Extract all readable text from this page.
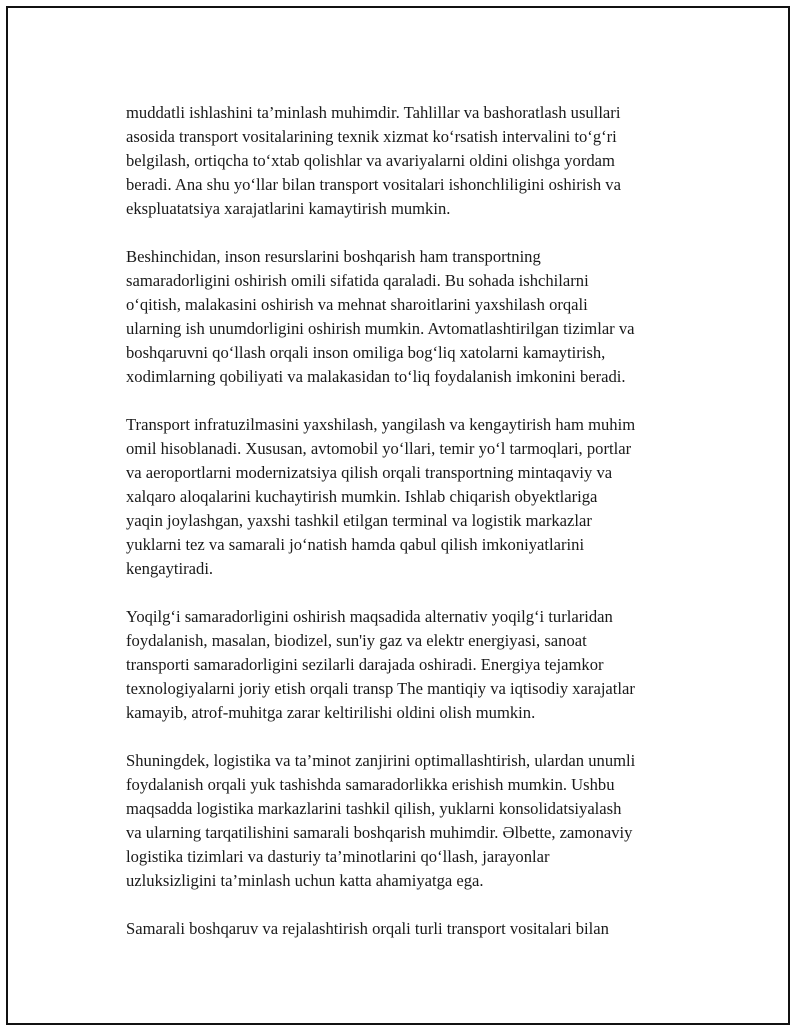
muddatli ishlashini ta’minlash muhimdir. Tahlillar va bashoratlash usullari
asosida transport vositalarining texnik xizmat ko‘rsatish intervalini to‘g‘ri
belgilash, ortiqcha to‘xtab qolishlar va avariyalarni oldini olishga yordam
beradi. Ana shu yo‘llar bilan transport vositalari ishonchliligini oshirish va
ekspluatatsiya xarajatlarini kamaytirish mumkin.

Beshinchidan, inson resurslarini boshqarish ham transportning
samaradorligini oshirish omili sifatida qaraladi. Bu sohada ishchilarni
o‘qitish, malakasini oshirish va mehnat sharoitlarini yaxshilash orqali
ularning ish unumdorligini oshirish mumkin. Avtomatlashtirilgan tizimlar va
boshqaruvni qo‘llash orqali inson omiliga bog‘liq xatolarni kamaytirish,
xodimlarning qobiliyati va malakasidan to‘liq foydalanish imkonini beradi.

Transport infratuzilmasini yaxshilash, yangilash va kengaytirish ham muhim
omil hisoblanadi. Xususan, avtomobil yo‘llari, temir yo‘l tarmoqlari, portlar
va aeroportlarni modernizatsiya qilish orqali transportning mintaqaviy va
xalqaro aloqalarini kuchaytirish mumkin. Ishlab chiqarish obyektlariga
yaqin joylashgan, yaxshi tashkil etilgan terminal va logistik markazlar
yuklarni tez va samarali jo‘natish hamda qabul qilish imkoniyatlarini
kengaytiradi.

Yoqilg‘i samaradorligini oshirish maqsadida alternativ yoqilg‘i turlaridan
foydalanish, masalan, biodizel, sun'iy gaz va elektr energiyasi, sanoat
transporti samaradorligini sezilarli darajada oshiradi. Energiya tejamkor
texnologiyalarni joriy etish orqali transp The mantiqiy va iqtisodiy xarajatlar
kamayib, atrof-muhitga zarar keltirilishi oldini olish mumkin.

Shuningdek, logistika va ta’minot zanjirini optimallashtirish, ulardan unumli
foydalanish orqali yuk tashishda samaradorlikka erishish mumkin. Ushbu
maqsadda logistika markazlarini tashkil qilish, yuklarni konsolidatsiyalash
va ularning tarqatilishini samarali boshqarish muhimdir. Əlbettе, zamonaviy
logistika tizimlari va dasturiy ta’minotlarini qo‘llash, jarayonlar
uzluksizligini ta’minlash uchun katta ahamiyatga ega.

Samarali boshqaruv va rejalashtirish orqali turli transport vositalari bilan
